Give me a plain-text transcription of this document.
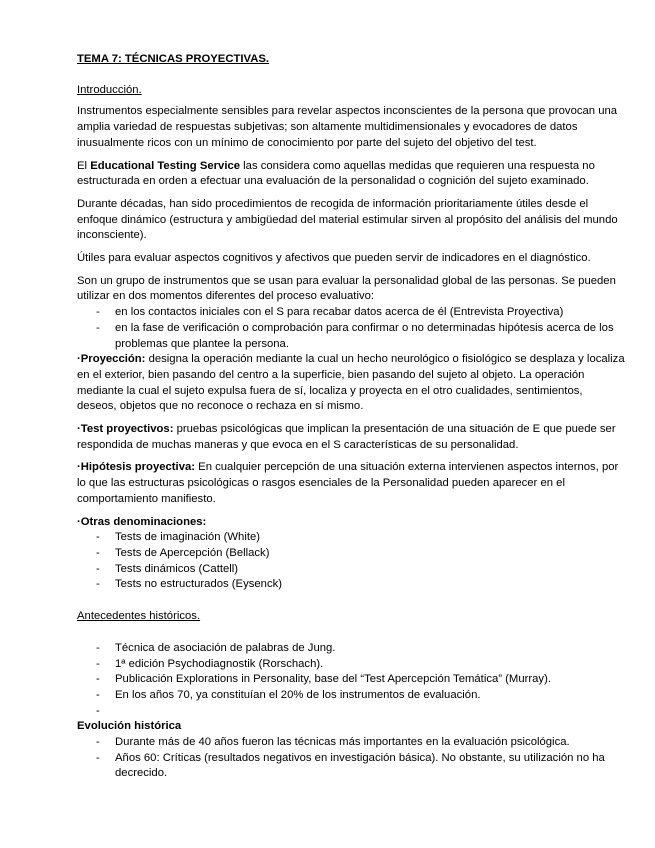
TEMA 7: TÉCNICAS PROYECTIVAS.

Introducción.

Instrumentos especialmente sensibles para revelar aspectos inconscientes de la persona que provocan una amplia variedad de respuestas subjetivas; son altamente multidimensionales y evocadores de datos inusualmente ricos con un mínimo de conocimiento por parte del sujeto del objetivo del test.

El Educational Testing Service las considera como aquellas medidas que requieren una respuesta no estructurada en orden a efectuar una evaluación de la personalidad o cognición del sujeto examinado.

Durante décadas, han sido procedimientos de recogida de información prioritariamente útiles desde el enfoque dinámico (estructura y ambigüedad del material estimular sirven al propósito del análisis del mundo inconsciente).

Útiles para evaluar aspectos cognitivos y afectivos que pueden servir de indicadores en el diagnóstico.

Son un grupo de instrumentos que se usan para evaluar la personalidad global de las personas. Se pueden utilizar en dos momentos diferentes del proceso evaluativo:

- en los contactos iniciales con el S para recabar datos acerca de él (Entrevista Proyectiva)
- en la fase de verificación o comprobación para confirmar o no determinadas hipótesis acerca de los problemas que plantee la persona.

·Proyección: designa la operación mediante la cual un hecho neurológico o fisiológico se desplaza y localiza en el exterior, bien pasando del centro a la superficie, bien pasando del sujeto al objeto. La operación mediante la cual el sujeto expulsa fuera de sí, localiza y proyecta en el otro cualidades, sentimientos, deseos, objetos que no reconoce o rechaza en sí mismo.

·Test proyectivos: pruebas psicológicas que implican la presentación de una situación de E que puede ser respondida de muchas maneras y que evoca en el S características de su personalidad.

·Hipótesis proyectiva: En cualquier percepción de una situación externa intervienen aspectos internos, por lo que las estructuras psicológicas o rasgos esenciales de la Personalidad pueden aparecer en el comportamiento manifiesto.

·Otras denominaciones:

- Tests de imaginación (White)
- Tests de Apercepción (Bellack)
- Tests dinámicos (Cattell)
- Tests no estructurados (Eysenck)

Antecedentes históricos.

- Técnica de asociación de palabras de Jung.
- 1ª edición Psychodiagnostik (Rorschach).
- Publicación Explorations in Personality, base del “Test Apercepción Temática” (Murray).
- En los años 70, ya constituían el 20% de los instrumentos de evaluación.
-

Evolución histórica

- Durante más de 40 años fueron las técnicas más importantes en la evaluación psicológica.
- Años 60: Críticas (resultados negativos en investigación básica). No obstante, su utilización no ha decrecido.
